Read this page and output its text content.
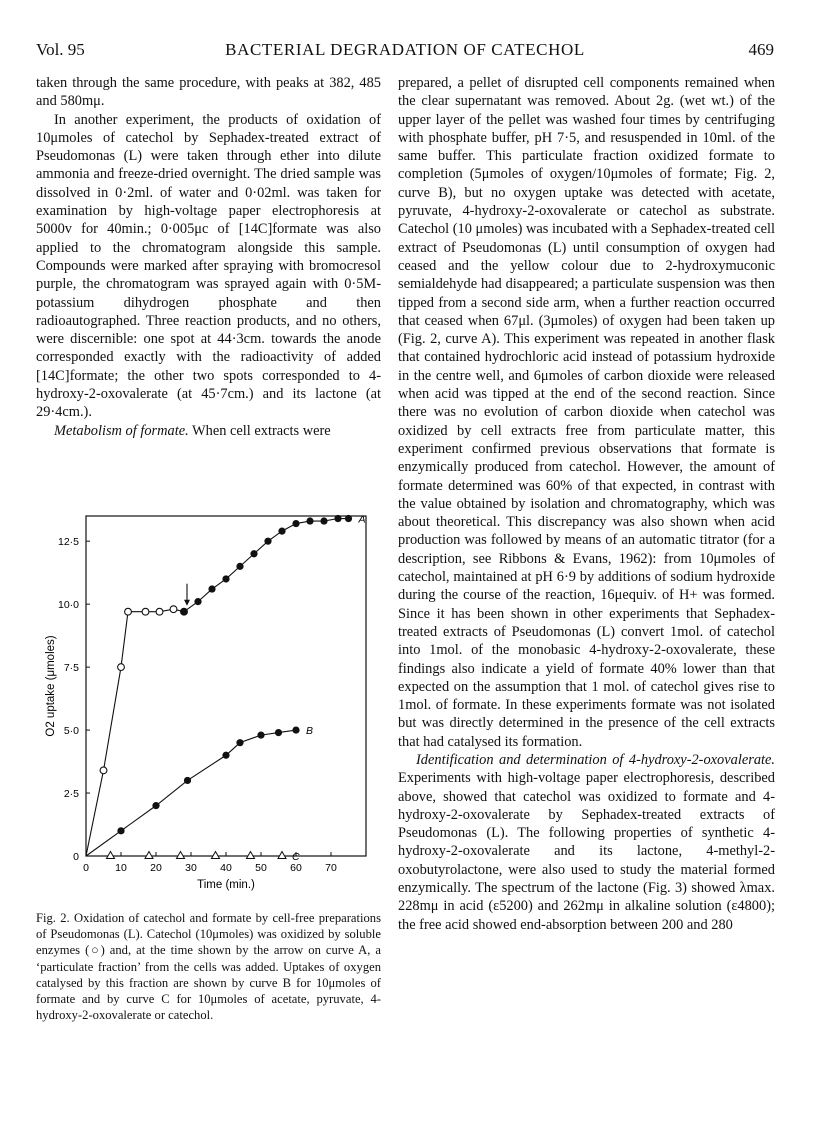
Vol. 95	BACTERIAL DEGRADATION OF CATECHOL	469

taken through the same procedure, with peaks at 382, 485 and 580mμ.

In another experiment, the products of oxidation of 10μmoles of catechol by Sephadex-treated extract of Pseudomonas (L) were taken through ether into dilute ammonia and freeze-dried overnight. The dried sample was dissolved in 0·2ml. of water and 0·02ml. was taken for examination by high-voltage paper electrophoresis at 5000v for 40min.; 0·005μc of [14C]formate was also applied to the chromatogram alongside this sample. Compounds were marked after spraying with bromocresol purple, the chromatogram was sprayed again with 0·5M-potassium dihydrogen phosphate and then radioautographed. Three reaction products, and no others, were discernible: one spot at 44·3cm. towards the anode corresponded exactly with the radioactivity of added [14C]formate; the other two spots corresponded to 4-hydroxy-2-oxovalerate (at 45·7cm.) and its lactone (at 29·4cm.).

Metabolism of formate. When cell extracts were

0 10 20 30 40 50 60 70
0
2·5
5·0
7·5
10·0
12·5
Time (min.)
O2 uptake (μmoles)
A
B
C

Fig. 2. Oxidation of catechol and formate by cell-free preparations of Pseudomonas (L). Catechol (10μmoles) was oxidized by soluble enzymes (○) and, at the time shown by the arrow on curve A, a ‘particulate fraction’ from the cells was added. Uptakes of oxygen catalysed by this fraction are shown by curve B for 10μmoles of formate and by curve C for 10μmoles of acetate, pyruvate, 4-hydroxy-2-oxovalerate or catechol.

prepared, a pellet of disrupted cell components remained when the clear supernatant was removed. About 2g. (wet wt.) of the upper layer of the pellet was washed four times by centrifuging with phosphate buffer, pH 7·5, and resuspended in 10ml. of the same buffer. This particulate fraction oxidized formate to completion (5μmoles of oxygen/10μmoles of formate; Fig. 2, curve B), but no oxygen uptake was detected with acetate, pyruvate, 4-hydroxy-2-oxovalerate or catechol as substrate. Catechol (10 μmoles) was incubated with a Sephadex-treated cell extract of Pseudomonas (L) until consumption of oxygen had ceased and the yellow colour due to 2-hydroxymuconic semialdehyde had disappeared; a particulate suspension was then tipped from a second side arm, when a further reaction occurred that ceased when 67μl. (3μmoles) of oxygen had been taken up (Fig. 2, curve A). This experiment was repeated in another flask that contained hydrochloric acid instead of potassium hydroxide in the centre well, and 6μmoles of carbon dioxide were released when acid was tipped at the end of the second reaction. Since there was no evolution of carbon dioxide when catechol was oxidized by cell extracts free from particulate matter, this experiment confirmed previous observations that formate is enzymically produced from catechol. However, the amount of formate determined was 60% of that expected, in contrast with the value obtained by isolation and chromatography, which was about theoretical. This discrepancy was also shown when acid production was followed by means of an automatic titrator (for a description, see Ribbons & Evans, 1962): from 10μmoles of catechol, maintained at pH 6·9 by additions of sodium hydroxide during the course of the reaction, 16μequiv. of H+ was formed. Since it has been shown in other experiments that Sephadex-treated extracts of Pseudomonas (L) convert 1mol. of catechol into 1mol. of the monobasic 4-hydroxy-2-oxovalerate, these findings also indicate a yield of formate 40% lower than that expected on the assumption that 1 mol. of catechol gives rise to 1mol. of formate. In these experiments formate was not isolated but was directly determined in the presence of the cell extracts that had catalysed its formation.

Identification and determination of 4-hydroxy-2-oxovalerate. Experiments with high-voltage paper electrophoresis, described above, showed that catechol was oxidized to formate and 4-hydroxy-2-oxovalerate by Sephadex-treated extracts of Pseudomonas (L). The following properties of synthetic 4-hydroxy-2-oxovalerate and its lactone, 4-methyl-2-oxobutyrolactone, were also used to study the material formed enzymically. The spectrum of the lactone (Fig. 3) showed λmax. 228mμ in acid (ε5200) and 262mμ in alkaline solution (ε4800); the free acid showed end-absorption between 200 and 280
